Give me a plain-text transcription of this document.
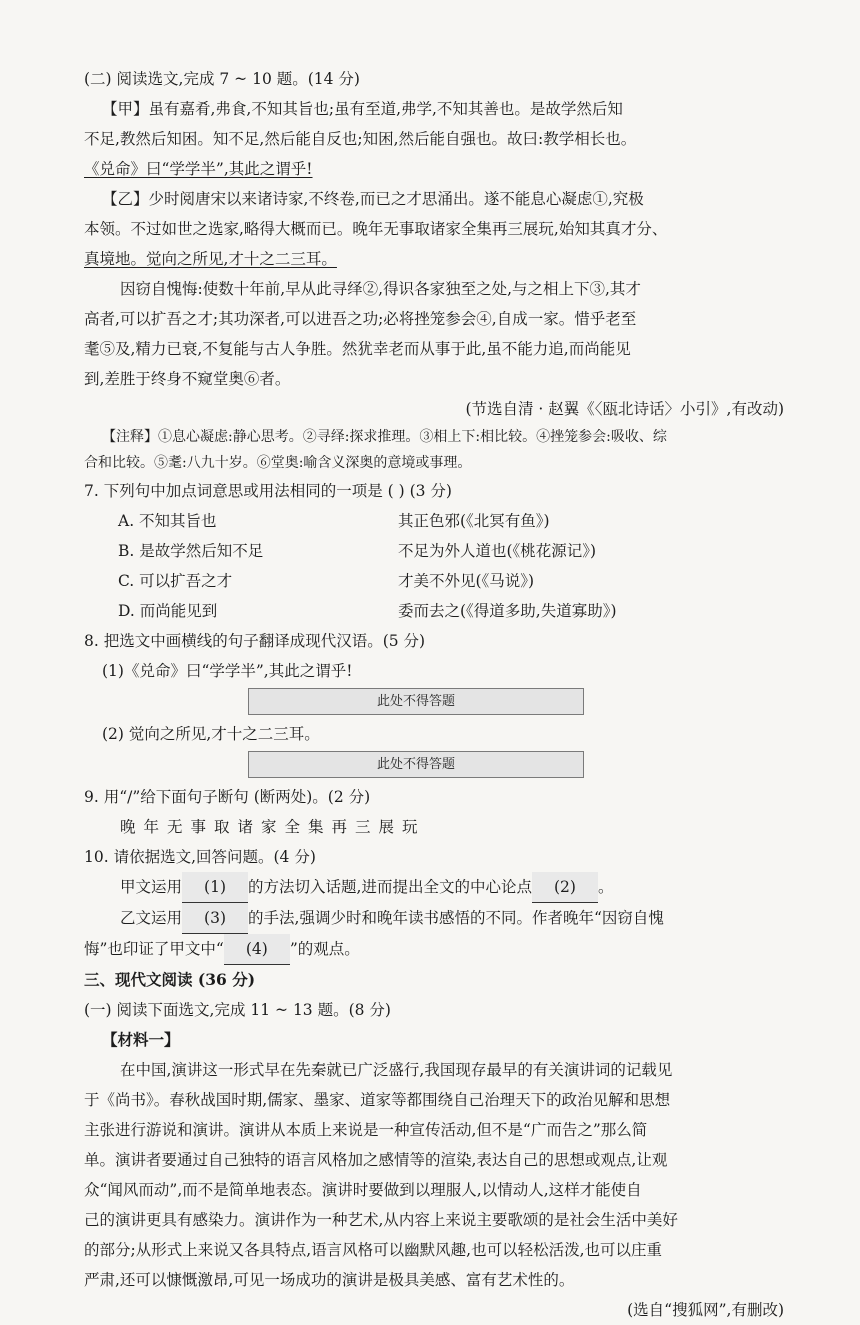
(二) 阅读选文,完成 7 ~ 10 题。(14 分)
【甲】虽有嘉肴,弗食,不知其旨也;虽有至道,弗学,不知其善也。是故学然后知
不足,教然后知困。知不足,然后能自反也;知困,然后能自强也。故曰:教学相长也。
《兑命》曰“学学半”,其此之谓乎!
【乙】少时阅唐宋以来诸诗家,不终卷,而已之才思涌出。遂不能息心凝虑①,究极
本领。不过如世之选家,略得大概而已。晚年无事取诸家全集再三展玩,始知其真才分、
真境地。觉向之所见,才十之二三耳。
因窃自愧悔:使数十年前,早从此寻绎②,得识各家独至之处,与之相上下③,其才
高者,可以扩吾之才;其功深者,可以进吾之功;必将挫笼参会④,自成一家。惜乎老至
耄⑤及,精力已衰,不复能与古人争胜。然犹幸老而从事于此,虽不能力追,而尚能见
到,差胜于终身不窥堂奥⑥者。
(节选自清 · 赵翼《〈瓯北诗话〉小引》,有改动)
【注释】①息心凝虑:静心思考。②寻绎:探求推理。③相上下:相比较。④挫笼参会:吸收、综
合和比较。⑤耄:八九十岁。⑥堂奥:喻含义深奥的意境或事理。
7. 下列句中加点词意思或用法相同的一项是 ( ) (3 分)
A. 不知其旨也	其正色邪(《北冥有鱼》)
B. 是故学然后知不足	不足为外人道也(《桃花源记》)
C. 可以扩吾之才	才美不外见(《马说》)
D. 而尚能见到	委而去之(《得道多助,失道寡助》)
8. 把选文中画横线的句子翻译成现代汉语。(5 分)
(1)《兑命》曰“学学半”,其此之谓乎!
此处不得答题
(2) 觉向之所见,才十之二三耳。
此处不得答题
9. 用“/”给下面句子断句 (断两处)。(2 分)
晚年无事取诸家全集再三展玩
10. 请依据选文,回答问题。(4 分)
甲文运用 (1) 的方法切入话题,进而提出全文的中心论点 (2) 。
乙文运用 (3) 的手法,强调少时和晚年读书感悟的不同。作者晚年“因窃自愧
悔”也印证了甲文中“ (4) ”的观点。
三、现代文阅读 (36 分)
(一) 阅读下面选文,完成 11 ~ 13 题。(8 分)
【材料一】
在中国,演讲这一形式早在先秦就已广泛盛行,我国现存最早的有关演讲词的记载见
于《尚书》。春秋战国时期,儒家、墨家、道家等都围绕自己治理天下的政治见解和思想
主张进行游说和演讲。演讲从本质上来说是一种宣传活动,但不是“广而告之”那么简
单。演讲者要通过自己独特的语言风格加之感情等的渲染,表达自己的思想或观点,让观
众“闻风而动”,而不是简单地表态。演讲时要做到以理服人,以情动人,这样才能使自
己的演讲更具有感染力。演讲作为一种艺术,从内容上来说主要歌颂的是社会生活中美好
的部分;从形式上来说又各具特点,语言风格可以幽默风趣,也可以轻松活泼,也可以庄重
严肃,还可以慷慨激昂,可见一场成功的演讲是极具美感、富有艺术性的。
(选自“搜狐网”,有删改)
